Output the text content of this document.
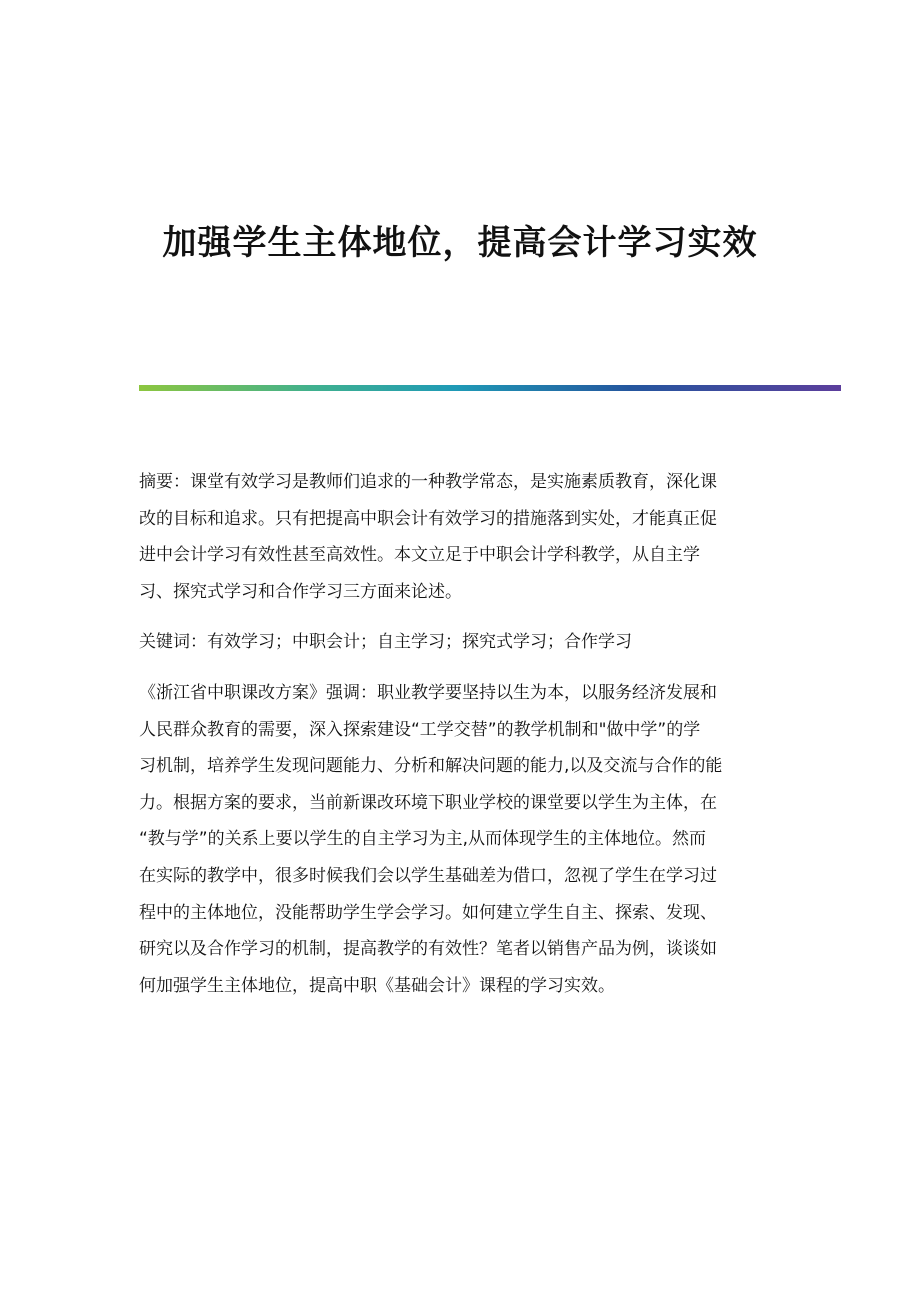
加强学生主体地位，提高会计学习实效

摘要：课堂有效学习是教师们追求的一种教学常态，是实施素质教育，深化课
改的目标和追求。只有把提高中职会计有效学习的措施落到实处，才能真正促
进中会计学习有效性甚至高效性。本文立足于中职会计学科教学，从自主学
习、探究式学习和合作学习三方面来论述。

关键词：有效学习；中职会计；自主学习；探究式学习；合作学习

《浙江省中职课改方案》强调：职业教学要坚持以生为本，以服务经济发展和
人民群众教育的需要，深入探索建设“工学交替”的教学机制和"做中学”的学
习机制，培养学生发现问题能力、分析和解决问题的能力,以及交流与合作的能
力。根据方案的要求，当前新课改环境下职业学校的课堂要以学生为主体，在
“教与学”的关系上要以学生的自主学习为主,从而体现学生的主体地位。然而
在实际的教学中，很多时候我们会以学生基础差为借口，忽视了学生在学习过
程中的主体地位，没能帮助学生学会学习。如何建立学生自主、探索、发现、
研究以及合作学习的机制，提高教学的有效性？笔者以销售产品为例，谈谈如
何加强学生主体地位，提高中职《基础会计》课程的学习实效。
